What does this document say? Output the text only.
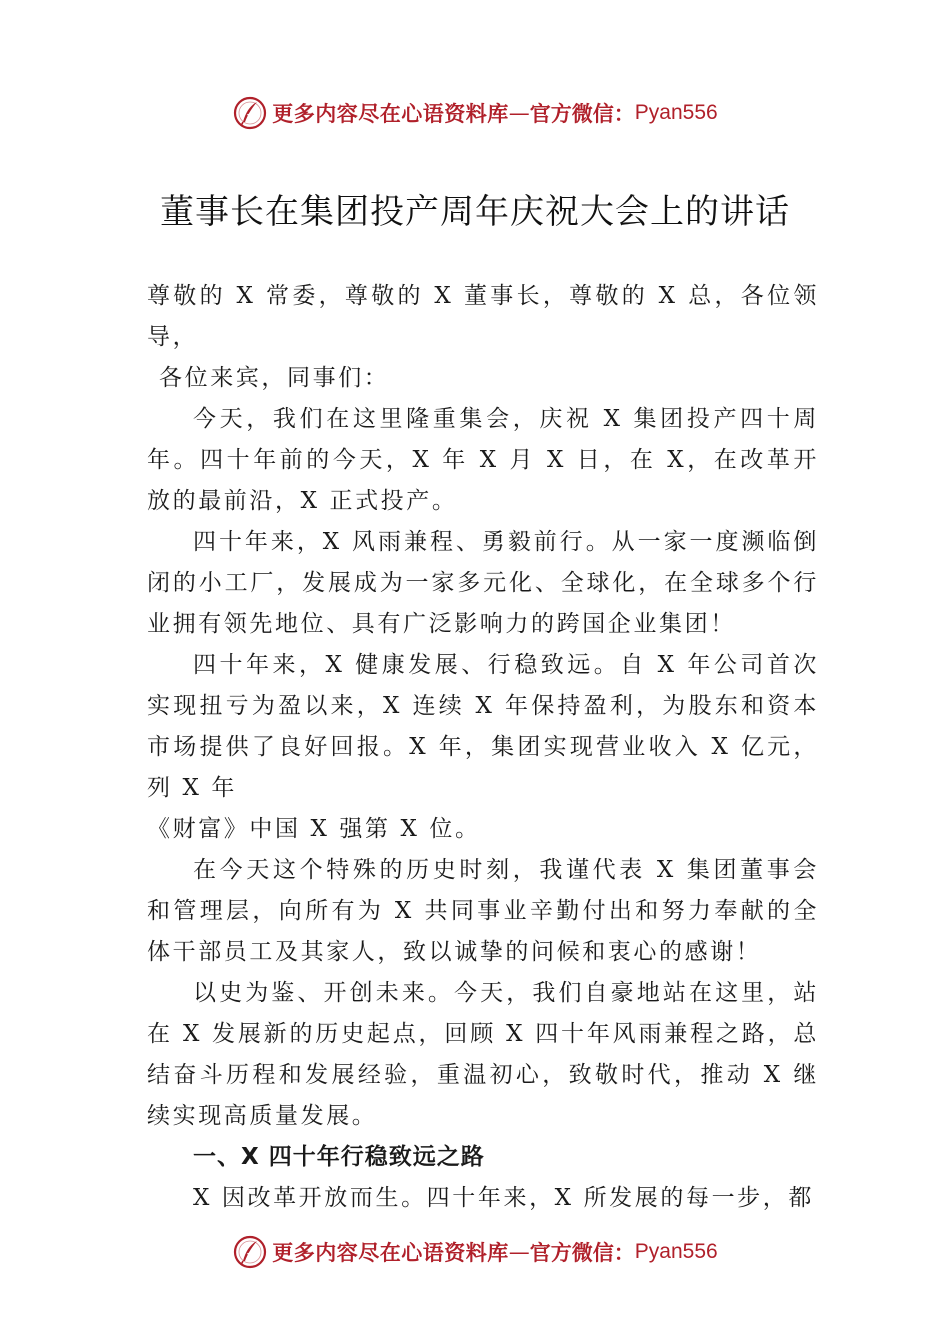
更多内容尽在心语资料库 — 官方微信： Pyan556
董事长在集团投产周年庆祝大会上的讲话

尊敬的 X 常委，尊敬的 X 董事长，尊敬的 X 总，各位领导，

各位来宾，同事们：

今天，我们在这里隆重集会，庆祝 X 集团投产四十周年。四十年前的今天，X 年 X 月 X 日，在 X，在改革开放的最前沿，X 正式投产。

四十年来，X 风雨兼程、勇毅前行。从一家一度濒临倒闭的小工厂，发展成为一家多元化、全球化，在全球多个行业拥有领先地位、具有广泛影响力的跨国企业集团！

四十年来，X 健康发展、行稳致远。自 X 年公司首次实现扭亏为盈以来，X 连续 X 年保持盈利，为股东和资本市场提供了良好回报。X 年，集团实现营业收入 X 亿元，列 X 年

《财富》中国 X 强第 X 位。

在今天这个特殊的历史时刻，我谨代表 X 集团董事会和管理层，向所有为 X 共同事业辛勤付出和努力奉献的全体干部员工及其家人，致以诚挚的问候和衷心的感谢！

以史为鉴、开创未来。今天，我们自豪地站在这里，站在 X 发展新的历史起点，回顾 X 四十年风雨兼程之路，总结奋斗历程和发展经验，重温初心，致敬时代，推动 X 继续实现高质量发展。

一、X 四十年行稳致远之路

X 因改革开放而生。四十年来，X 所发展的每一步，都

更多内容尽在心语资料库 — 官方微信： Pyan556
